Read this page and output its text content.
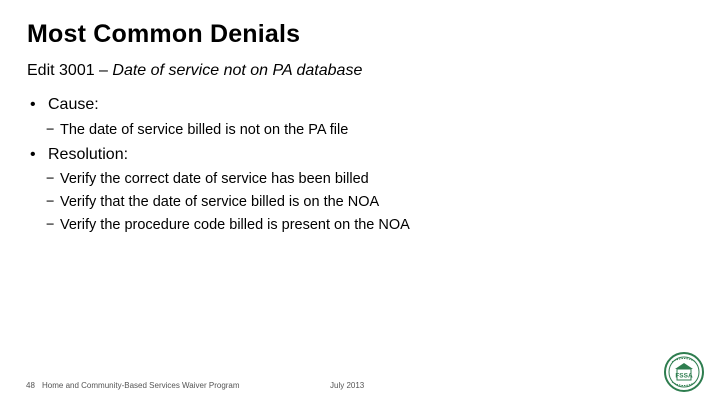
Most Common Denials
Edit 3001 – Date of service not on PA database
• Cause:
− The date of service billed is not on the PA file
• Resolution:
− Verify the correct date of service has been billed
− Verify that the date of service billed is on the NOA
− Verify the procedure code billed is present on the NOA
48 Home and Community-Based Services Waiver Program	July 2013
FSSA
